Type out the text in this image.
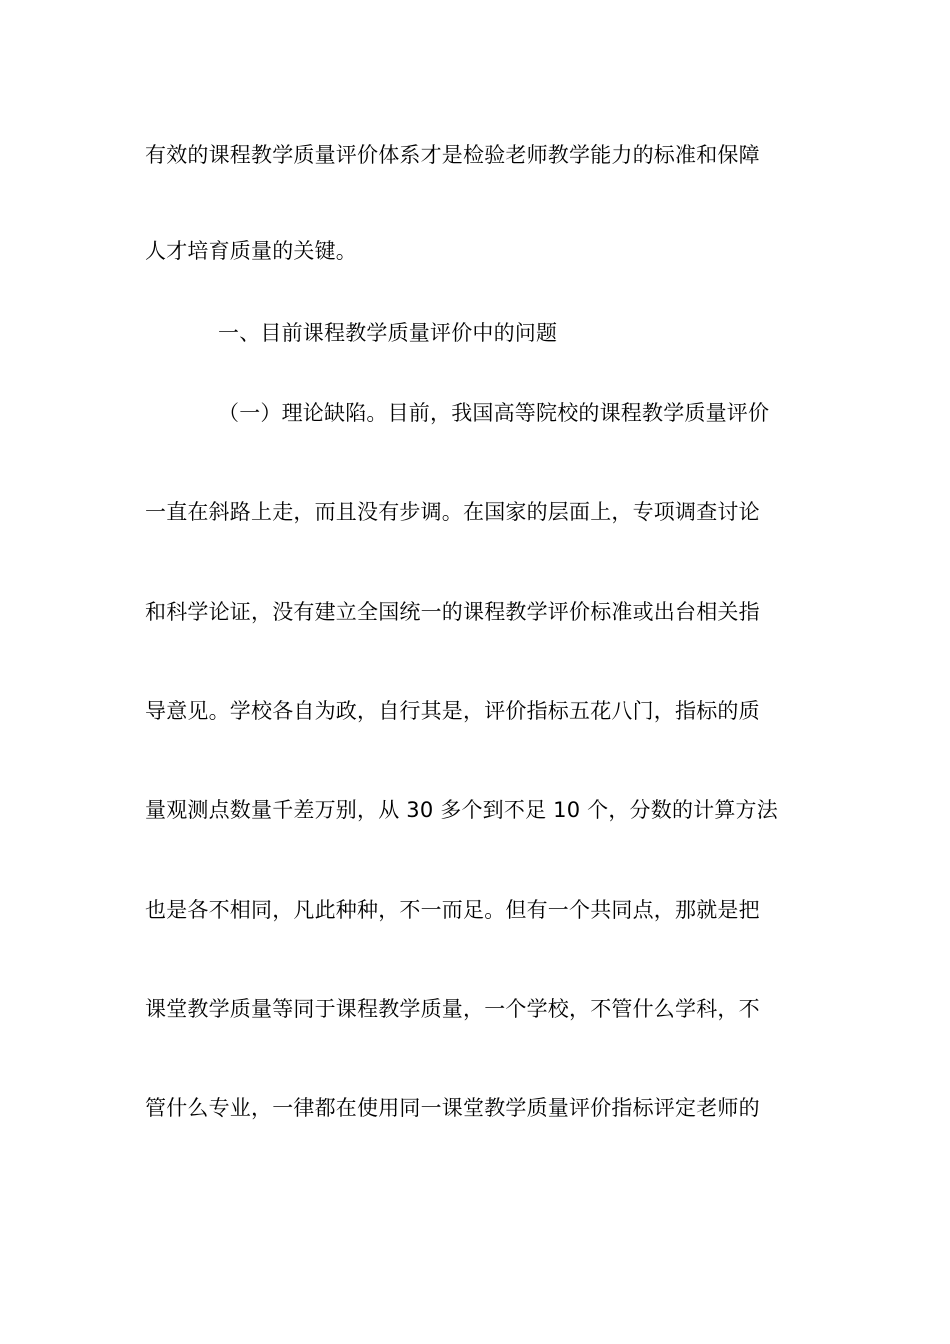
有效的课程教学质量评价体系才是检验老师教学能力的标准和保障
人才培育质量的关键。
一、目前课程教学质量评价中的问题
（一）理论缺陷。目前，我国高等院校的课程教学质量评价
一直在斜路上走，而且没有步调。在国家的层面上，专项调查讨论
和科学论证，没有建立全国统一的课程教学评价标准或出台相关指
导意见。学校各自为政，自行其是，评价指标五花八门，指标的质
量观测点数量千差万别，从 30 多个到不足 10 个，分数的计算方法
也是各不相同，凡此种种，不一而足。但有一个共同点，那就是把
课堂教学质量等同于课程教学质量，一个学校，不管什么学科，不
管什么专业，一律都在使用同一课堂教学质量评价指标评定老师的
